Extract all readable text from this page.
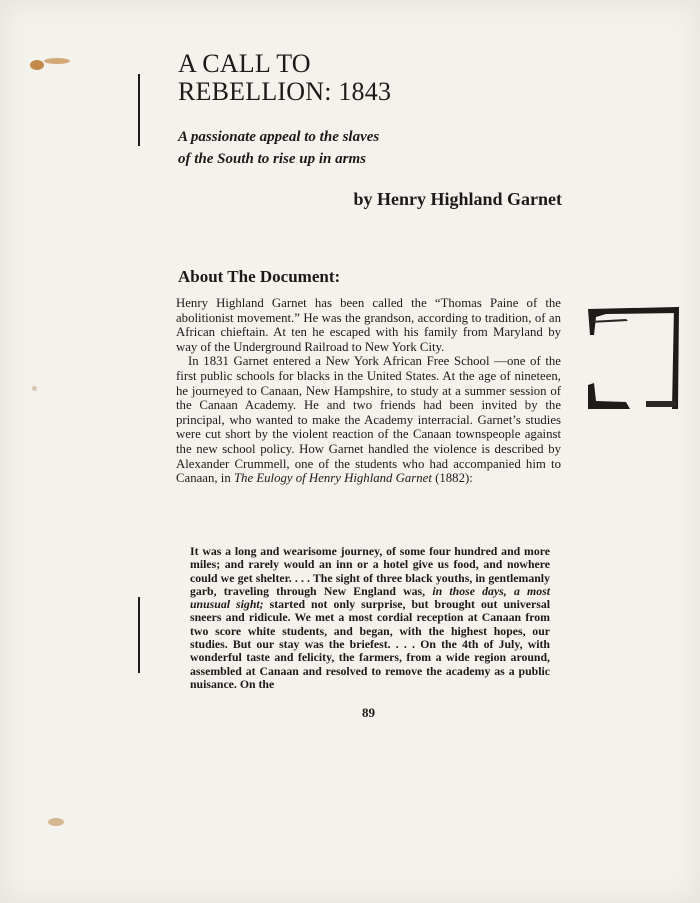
A CALL TO
REBELLION: 1843

A passionate appeal to the slaves
of the South to rise up in arms

by Henry Highland Garnet

About The Document:

Henry Highland Garnet has been called the “Thomas Paine of the abolitionist movement.” He was the grandson, according to tradition, of an African chieftain. At ten he escaped with his family from Maryland by way of the Underground Railroad to New York City.

In 1831 Garnet entered a New York African Free School —one of the first public schools for blacks in the United States. At the age of nineteen, he journeyed to Canaan, New Hampshire, to study at a summer session of the Canaan Academy. He and two friends had been invited by the principal, who wanted to make the Academy interracial. Garnet’s studies were cut short by the violent reaction of the Canaan townspeople against the new school policy. How Garnet handled the violence is described by Alexander Crummell, one of the students who had accompanied him to Canaan, in The Eulogy of Henry Highland Garnet (1882):

It was a long and wearisome journey, of some four hundred and more miles; and rarely would an inn or a hotel give us food, and nowhere could we get shelter. . . . The sight of three black youths, in gentlemanly garb, traveling through New England was, in those days, a most unusual sight; started not only surprise, but brought out universal sneers and ridicule. We met a most cordial reception at Canaan from two score white students, and began, with the highest hopes, our studies. But our stay was the briefest. . . . On the 4th of July, with wonderful taste and felicity, the farmers, from a wide region around, assembled at Canaan and resolved to remove the academy as a public nuisance. On the

89
